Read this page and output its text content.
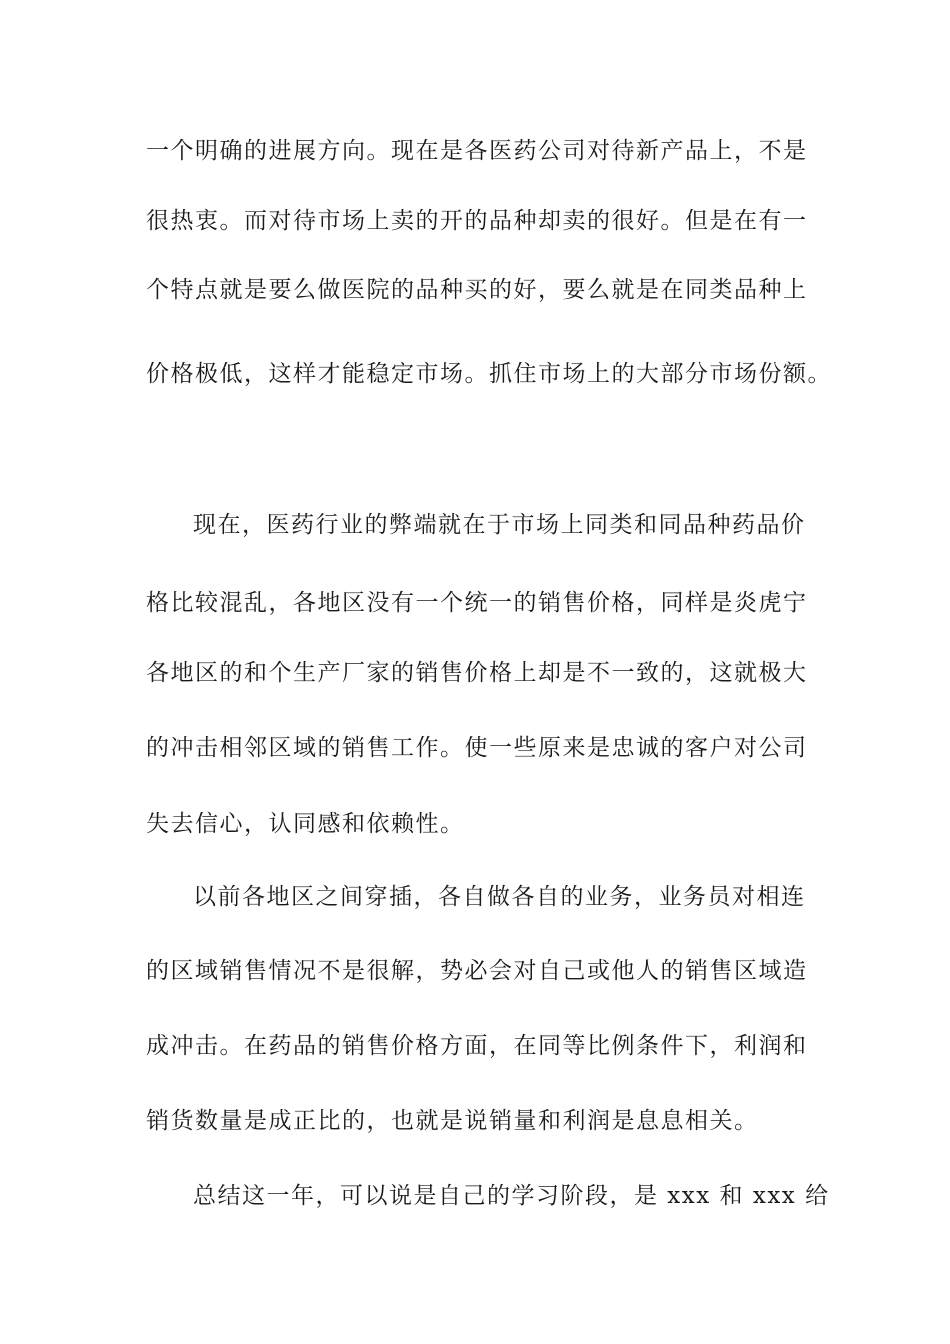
一个明确的进展方向。现在是各医药公司对待新产品上，不是
很热衷。而对待市场上卖的开的品种却卖的很好。但是在有一
个特点就是要么做医院的品种买的好，要么就是在同类品种上
价格极低，这样才能稳定市场。抓住市场上的大部分市场份额。
现在，医药行业的弊端就在于市场上同类和同品种药品价
格比较混乱，各地区没有一个统一的销售价格，同样是炎虎宁
各地区的和个生产厂家的销售价格上却是不一致的，这就极大
的冲击相邻区域的销售工作。使一些原来是忠诚的客户对公司
失去信心，认同感和依赖性。
以前各地区之间穿插，各自做各自的业务，业务员对相连
的区域销售情况不是很解，势必会对自己或他人的销售区域造
成冲击。在药品的销售价格方面，在同等比例条件下，利润和
销货数量是成正比的，也就是说销量和利润是息息相关。
总结这一年，可以说是自己的学习阶段，是 xxx 和 xxx 给
